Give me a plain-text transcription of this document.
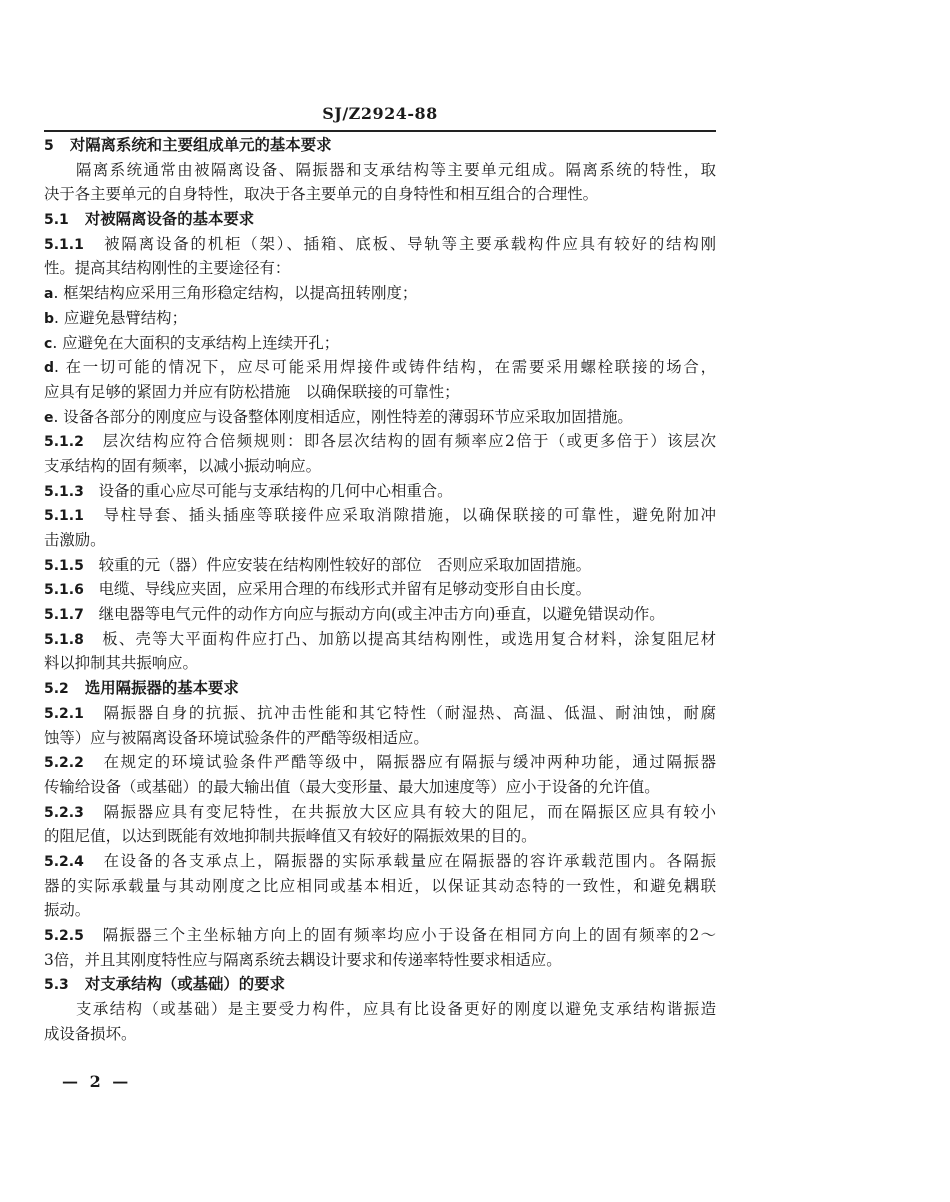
SJ/Z2924-88
5 对隔离系统和主要组成单元的基本要求
隔离系统通常由被隔离设备、隔振器和支承结构等主要单元组成。隔离系统的特性，取
决于各主要单元的自身特性，取决于各主要单元的自身特性和相互组合的合理性。
5.1 对被隔离设备的基本要求
5.1.1 被隔离设备的机柜（架）、插箱、底板、导轨等主要承载构件应具有较好的结构刚
性。提高其结构刚性的主要途径有：
a. 框架结构应采用三角形稳定结构，以提高扭转刚度；
b. 应避免悬臂结构；
c. 应避免在大面积的支承结构上连续开孔；
d. 在一切可能的情况下，应尽可能采用焊接件或铸件结构，在需要采用螺栓联接的场合，
应具有足够的紧固力并应有防松措施　以确保联接的可靠性；
e. 设备各部分的刚度应与设备整体刚度相适应，刚性特差的薄弱环节应采取加固措施。
5.1.2 层次结构应符合倍频规则：即各层次结构的固有频率应2倍于（或更多倍于）该层次
支承结构的固有频率，以减小振动响应。
5.1.3 设备的重心应尽可能与支承结构的几何中心相重合。
5.1.1 导柱导套、插头插座等联接件应采取消隙措施，以确保联接的可靠性，避免附加冲
击激励。
5.1.5 较重的元（器）件应安装在结构刚性较好的部位　否则应采取加固措施。
5.1.6 电缆、导线应夹固，应采用合理的布线形式并留有足够动变形自由长度。
5.1.7 继电器等电气元件的动作方向应与振动方向(或主冲击方向)垂直，以避免错误动作。
5.1.8 板、壳等大平面构件应打凸、加筋以提高其结构刚性，或选用复合材料，涂复阻尼材
料以抑制其共振响应。
5.2 选用隔振器的基本要求
5.2.1 隔振器自身的抗振、抗冲击性能和其它特性（耐湿热、高温、低温、耐油蚀，耐腐
蚀等）应与被隔离设备环境试验条件的严酷等级相适应。
5.2.2 在规定的环境试验条件严酷等级中，隔振器应有隔振与缓冲两种功能，通过隔振器
传输给设备（或基础）的最大输出值（最大变形量、最大加速度等）应小于设备的允许值。
5.2.3 隔振器应具有变尼特性，在共振放大区应具有较大的阻尼，而在隔振区应具有较小
的阻尼值，以达到既能有效地抑制共振峰值又有较好的隔振效果的目的。
5.2.4 在设备的各支承点上，隔振器的实际承载量应在隔振器的容许承载范围内。各隔振
器的实际承载量与其动刚度之比应相同或基本相近，以保证其动态特的一致性，和避免耦联
振动。
5.2.5 隔振器三个主坐标轴方向上的固有频率均应小于设备在相同方向上的固有频率的2～
3倍，并且其刚度特性应与隔离系统去耦设计要求和传递率特性要求相适应。
5.3 对支承结构（或基础）的要求
支承结构（或基础）是主要受力构件，应具有比设备更好的刚度以避免支承结构谐振造
成设备损坏。
— 2 —
